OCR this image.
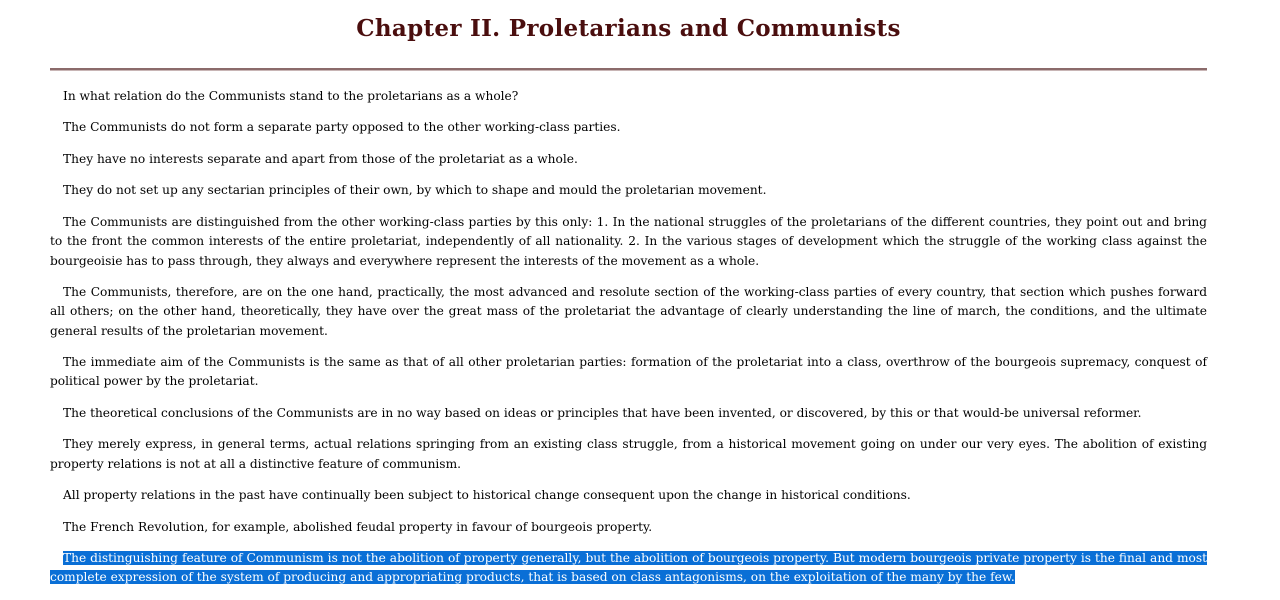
Chapter II. Proletarians and Communists

In what relation do the Communists stand to the proletarians as a whole?

The Communists do not form a separate party opposed to the other working-class parties.

They have no interests separate and apart from those of the proletariat as a whole.

They do not set up any sectarian principles of their own, by which to shape and mould the proletarian movement.

The Communists are distinguished from the other working-class parties by this only: 1. In the national struggles of the proletarians of the different countries, they point out and bring to the front the common interests of the entire proletariat, independently of all nationality. 2. In the various stages of development which the struggle of the working class against the bourgeoisie has to pass through, they always and everywhere represent the interests of the movement as a whole.

The Communists, therefore, are on the one hand, practically, the most advanced and resolute section of the working-class parties of every country, that section which pushes forward all others; on the other hand, theoretically, they have over the great mass of the proletariat the advantage of clearly understanding the line of march, the conditions, and the ultimate general results of the proletarian movement.

The immediate aim of the Communists is the same as that of all other proletarian parties: formation of the proletariat into a class, overthrow of the bourgeois supremacy, conquest of political power by the proletariat.

The theoretical conclusions of the Communists are in no way based on ideas or principles that have been invented, or discovered, by this or that would-be universal reformer.

They merely express, in general terms, actual relations springing from an existing class struggle, from a historical movement going on under our very eyes. The abolition of existing property relations is not at all a distinctive feature of communism.

All property relations in the past have continually been subject to historical change consequent upon the change in historical conditions.

The French Revolution, for example, abolished feudal property in favour of bourgeois property.

The distinguishing feature of Communism is not the abolition of property generally, but the abolition of bourgeois property. But modern bourgeois private property is the final and most complete expression of the system of producing and appropriating products, that is based on class antagonisms, on the exploitation of the many by the few.
